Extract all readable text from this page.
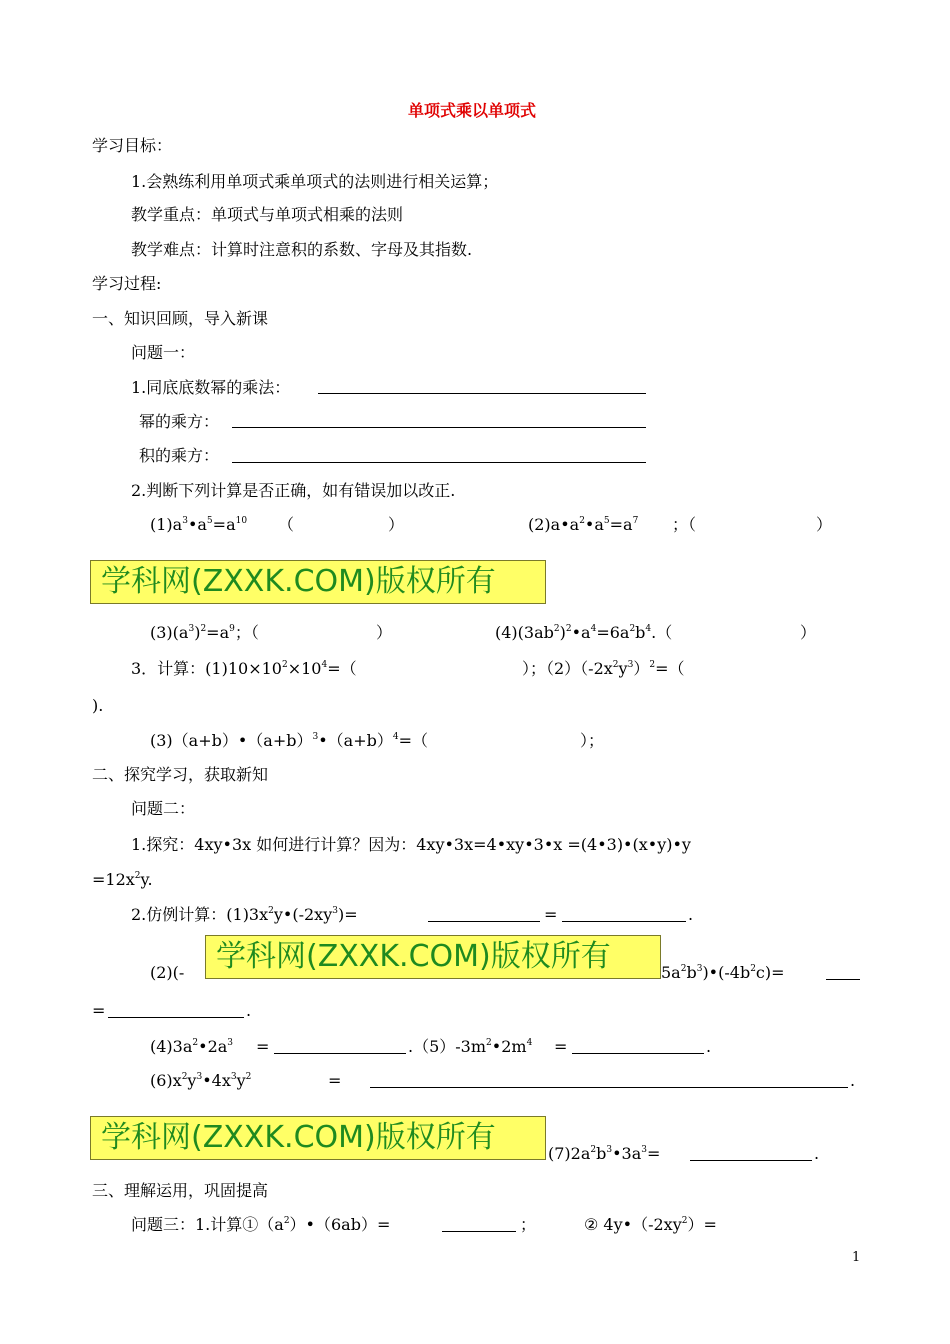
单项式乘以单项式
学习目标：
1.会熟练利用单项式乘单项式的法则进行相关运算；
教学重点：单项式与单项式相乘的法则
教学难点：计算时注意积的系数、字母及其指数.
学习过程:
一、知识回顾，导入新课
问题一：
1.同底底数幂的乘法：
幂的乘方：
积的乘方：
2.判断下列计算是否正确，如有错误加以改正.
$(1)a^3•a^5=a^{10}$ （	）	$(2)a•a^2•a^5=a^7$ ；（	）
学科网(ZXXK.COM)版权所有
$(3)(a^3)^2=a^9$；（	）	$(4)(3ab^2)^2•a^4=6a^2b^4$.（	）
3．计算：$(1)10\times 10^2\times 10^4=$（	）；$(2)(-2x^2y^3)^2=$（
).
$(3)(a+b)•(a+b)^3•(a+b)^4=$（	）；
二、探究学习，获取新知
问题二：
1.探究：4xy•3x 如何进行计算？因为：4xy•3x=4•xy•3•x =(4•3)•(x•y)•y
$=12x^2y$.
2.仿例计算：$(1)3x^2y•(-2xy^3)=$	=	.
(2)(-	$5a^2b^3)•(-4b^2c)=$
学科网(ZXXK.COM)版权所有
=	.
$(4)3a^2•2a^3$ =	$.(5)-3m^2•2m^4$ =	.
$(6)x^2y^3•4x^3y^2$	=	.
学科网(ZXXK.COM)版权所有	$(7)2a^2b^3•3a^3=$	.
三、理解运用，巩固提高
问题三：1.计算$①(a^2)•(6ab)=$	；	② $4y•(-2xy^2)=$
1
